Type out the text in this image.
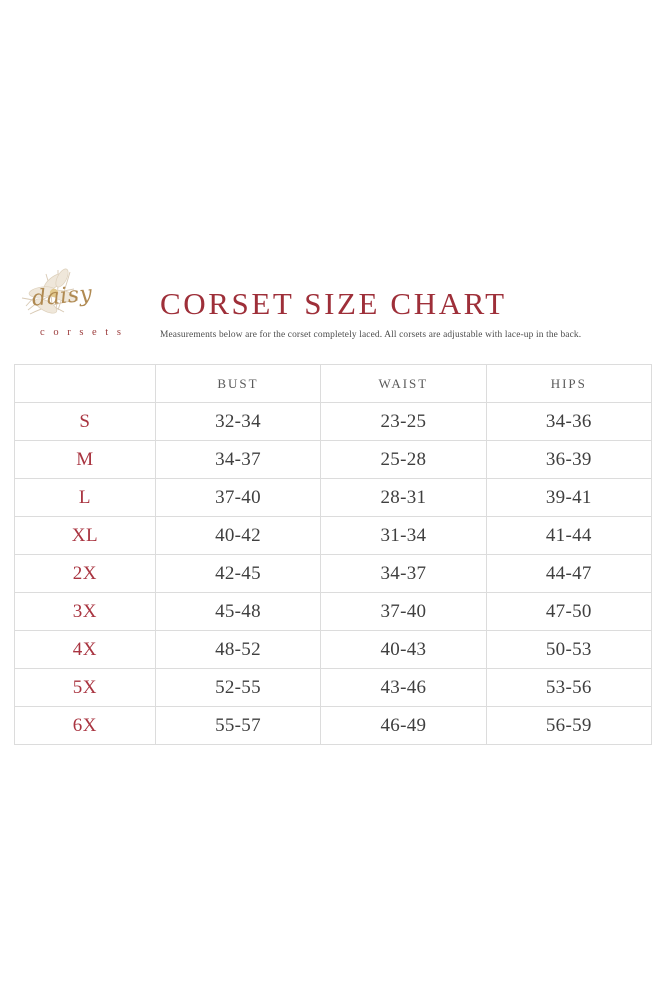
daisy
c o r s e t s
CORSET SIZE CHART
Measurements below are for the corset completely laced. All corsets are adjustable with lace-up in the back.
	BUST	WAIST	HIPS
S	32-34	23-25	34-36
M	34-37	25-28	36-39
L	37-40	28-31	39-41
XL	40-42	31-34	41-44
2X	42-45	34-37	44-47
3X	45-48	37-40	47-50
4X	48-52	40-43	50-53
5X	52-55	43-46	53-56
6X	55-57	46-49	56-59
